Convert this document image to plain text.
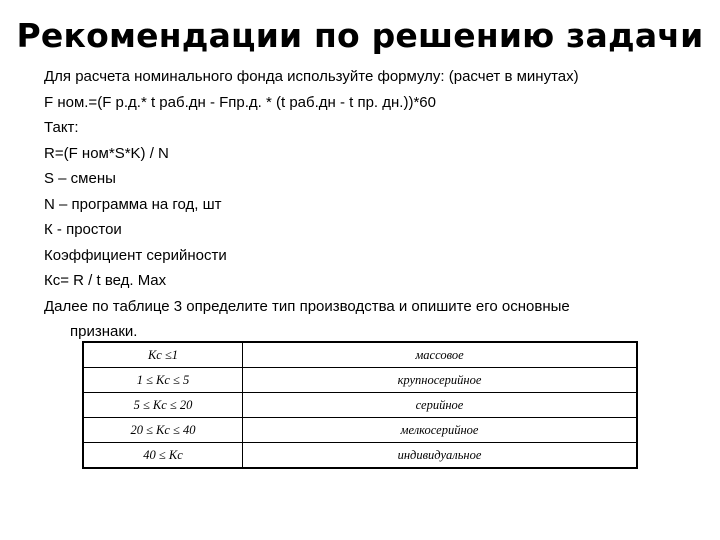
Рекомендации по решению задачи
Для расчета номинального фонда используйте формулу: (расчет в минутах)
F ном.=(F р.д.* t раб.дн - Fпр.д. * (t раб.дн - t пр. дн.))*60
Такт:
R=(F ном*S*K) / N
S – смены
N – программа на год, шт
К - простои
Коэффициент серийности
Кс= R / t вед. Max
Далее по таблице 3 определите тип производства и опишите его основные
признаки.
Kс ≤1	массовое
1 ≤ Kс ≤ 5	крупносерийное
5 ≤ Kс ≤ 20	серийное
20 ≤ Kс ≤ 40	мелкосерийное
40 ≤ Kс	индивидуальное
